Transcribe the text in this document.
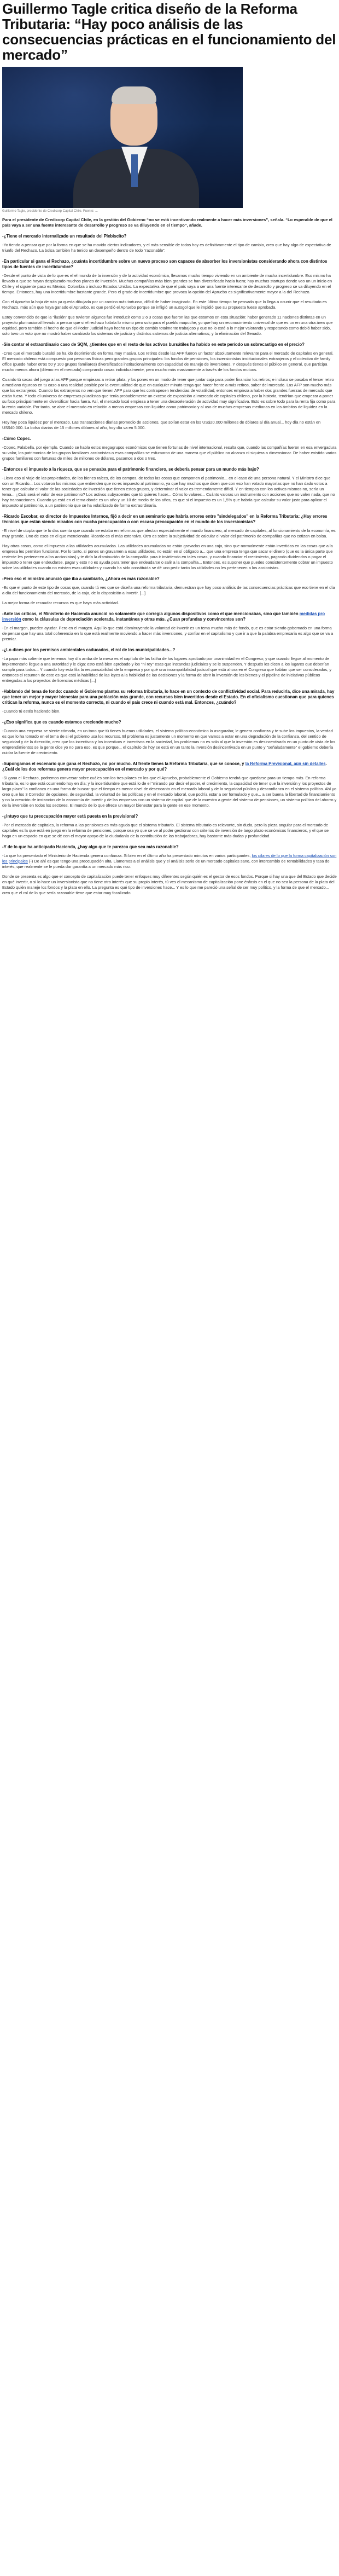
Guillermo Tagle critica diseño de la Reforma Tributaria: “Hay poco análisis de las consecuencias prácticas en el funcionamiento del mercado”
Guillermo Tagle, presidente de Credicorp Capital Chile. Fuente: ...
Para el presidente de Credicorp Capital Chile, en la gestión del Gobierno “no se está incentivando realmente a hacer más inversiones”, señala. “Lo esperable de que el país vaya a ser una fuente interesante de desarrollo y progreso se va diluyendo en el tiempo”, añade.
-¿Tiene el mercado internalizado un resultado del Plebiscito?
-Yo tiendo a pensar que por la forma en que se ha movido ciertos indicadores, y el más sensible de todos hoy es definitivamente el tipo de cambio, creo que hay algo de expectativa de triunfo del Rechazo. La bolsa también ha tenido un desempeño dentro de todo “razonable”.
-En particular si gana el Rechazo, ¿cuánta incertidumbre sobre un nuevo proceso son capaces de absorber los inversionistas considerando ahora con distintos tipos de fuentes de incertidumbre?
-Desde el punto de vista de lo que es el el mundo de la inversión y de la actividad económica, llevamos mucho tiempo viviendo en un ambiente de mucha incertidumbre. Eso mismo ha llevado a que se hayan desplazado muchos planes de inversión. Muchas compañías más bien grandes se han diversificado hacia fuera; hay muchas startups donde veo un un inicio en Chile y el siguiente paso es México, Colombia o incluso Estados Unidos. La expectativa de que el país vaya a ser una fuente interesante de desarrollo y progreso se va diluyendo en el tiempo. Entonces, hay una incertidumbre bastante grande. Pero el grado de incertidumbre que provoca la opción del Apruebo es significativamente mayor a la del Rechazo.
Con el Apruebo la hoja de ruta ya queda dibujada por un camino más tortuoso, difícil de haber imaginado. En este último tiempo he pensado que lo llega a ocurrir que el resultado es Rechazo, más aún que haya ganado el Apruebo, es que perdió el Apruebo porque se infligió un autogol que le impidió que su propuesta fuese aprobada.
Estoy convencido de que la “ilusión” que tuvieron algunos fue introducir como 2 o 3 cosas que fueron las que estamos en esta situación: haber generado 11 naciones distintas en un proyecto plurinacional llevado a pensar que si el rechazo habría lo mismo pero solo para el pueblo mapuche, yo que hay un reconocimiento universal de que es un en una otra área que equidad, pero también el hecho de que el Poder Judicial haya hecho un tipo de cambio totalmente trabajoso y que no lo esté a lo mejor valorando y respetando como debió haber sido, solo tuvo un voto que no mostró haber cambiado los sistemas de justicia y distintos sistemas de justicia alternativos; y la eliminación del Senado.
-Sin contar el extraordinario caso de SQM, ¿tiemtes que en el resto de los activos bursátiles ha habido en este período un sobrecastigo en el precio?
-Creo que el mercado bursátil se ha ido deprimiendo en forma muy masiva. Los retiros desde las AFP fueron un factor absolutamente relevante para el mercado de capitales en general. El mercado chileno está compuesto por personas físicas pero grandes grupos principales: los fondos de pensiones, los inversionistas institucionales extranjeros y el colectivo de family office (puede haber otros 50 y 100 grupos familiares) diversificados institucionalmente con capacidad de manejo de inversiones. Y después tienes el público en general, que participa mucho menos ahora (dilemo en el mercado) comprando cosas individualmente, pero mucho más masivamente a través de los fondos mutuos.
Cuando tú sacas del juego a las AFP porque empiezas a retirar plata, y los pones en un modo de tener que juntar caja para poder financiar los retiros; e incluso se pasaba el tercer retiro a mediano riguroso en tu caso a una realidad posible por la eventualidad de que en cualquier minuto tenga que hacer frente a más retiros, saber del mercado. Las AFP son mucho más que los extranjeros. Cuando los extranjeros no ven que tienen AFP para que les contrapesen tendencias de volatilidad, entonces empieza a haber dos grandes fuerzas de mercado que están fuera. Y todo el universo de empresas pluralistas que tenía probablemente un exceso de exposición al mercado de capitales chileno, por la historia, tendrían que empezar a poner su foco principalmente en diversificar hacia fuera. Así, el mercado local empieza a tener una desaceleración de actividad muy significativa. Esto es sobre todo para la renta fija como para la renta variable. Por tanto, se abre el mercado en relación a menos empresas con liquidez como patrimonio y al uso de muchas empresas medianas en los ámbitos de liquidez en la mercado chileno.
Hoy hay poca liquidez por el mercado. Las transacciones diarias promedio de acciones, que solían estar en los US$20.000 millones de dólares al día anual... hoy día no están en US$40.000. La bolsa diarias de 15 millones dólares al año, hoy día va en 5.000.
-Cómo Copec.
-Copec, Falabella, por ejemplo. Cuando se habla estos megagrupos económicos que tienen fortunas de nivel internacional, resulta que, cuando las compañías fueron en esa envergadura su valor, los patrimonios de los grupos familiares accionistas o esas compañías se esfumaron de una manera que el público no alcanza ni siquiera a dimensionar. De haber existido varios grupos familiares con fortunas de miles de millones de dólares, pasamos a dos o tres.
-Entonces el impuesto a la riqueza, que se pensaba para el patrimonio financiero, se debería pensar para un mundo más bajo?
-Lleva eso al viaje de las propiedades, de los bienes raíces, de los campos, de todas las cosas que componen el patrimonio... en el caso de una persona natural. Y el Ministro dice que con un Ricardo... Los votaron los mismos que entienden que no es impuesto al patrimonio, ya que hay muchos que dicen que con eso han votado mayorías que no han dado votos a tener que calcular el valor de las sociedades de inversión que tienen estos grupos, y determinar el valor es tremendamente difícil. Y en tiempos con los activos mismos no, sería un tema... ¿Cuál será el valor de ese patrimonio? Los activos subyacentes que tú quieres hacer... Cómo lo valores... Cuánto valoras un instrumento con acciones que no valen nada, que no hay transacciones. Cuando ya está en el tema dónde es un año y un 10 de medio de los años, es que si el impuesto es un 1,5% que habría que calcular su valor justo para aplicar el impuesto al patrimonio, a un patrimonio que se ha volatilizado de forma extraordinaria.
-Ricardo Escobar, ex director de Impuestos Internos, fijó a decir en un seminario que habría errores entre "sindelegados" en la Reforma Tributaria: ¿Hay errores técnicos que están siendo mirados con mucha preocupación o con escasa preocupación en el mundo de los inversionistas?
-El nivel de utopía que te lo das cuenta que cuando se estaba en reformas que afectan especialmente el mundo financiero, al mercado de capitales, al funcionamiento de la economía, es muy grande. Uno de esos en el que mencionaba Ricardo es el más extensivo. Otro es sobre la subjetividad de calcular el valor del patrimonio de compañías que no cotizan en bolsa.
Hay otras cosas, como el impuesto a las utilidades acumuladas. Las utilidades acumuladas no están gravadas en una caja, sino que normalmente están invertidas en las cosas que a la empresa les permiten funcionar. Por lo tanto, si pones un gravamen a esas utilidades, no están en sí obligado a... que una empresa tenga que sacar el dinero (que es la única parte que reviente les pertenecen a los accionistas) y te diría la disminución de la compañía para ir invirtiendo en tales cosas, y cuando financiar el crecimiento, pagando dividendos o pagar el impuesto o tener que endeudarse, pagar y esto no es ayuda para tener que endeudarse o salir a la compañía... Entonces, es suponer que puedes consistentemente cobrar un impuesto sobre las utilidades cuando no existen esas utilidades y cuando ha sido constituida se dé uno pedir tanto las utilidades no les pertenecen a los accionistas.
-Pero eso el ministro anunció que iba a cambiarlo, ¿Ahora es más razonable?
-Es que el punto de este tipo de cosas que, cuando tú ves que se diseña una reforma tributaria, demuestran que hay poco análisis de las consecuencias prácticas que eso tiene en el día a día del funcionamiento del mercado, de la caja, de la disposición a invertir. [...]
La mejor forma de recaudar recursos es que haya más actividad.
-Ante las críticas, el Ministerio de Hacienda anunció no solamente que corregía algunos dispositivos como el que mencionabas, sino que también medidas pro inversión como la cláusulas de depreciación acelerada, instantánea y otras más. ¿Cuan profundas y convincentes son?
-En el margen, pueden ayudar. Pero en el margen. Aquí lo que está disminuyendo la voluntad de invertir es un tema mucho más de fondo, que es estar siendo gobernado en una forma de pensar que hay una total coherencia en lo que está realmente moviendo a hacer más inversiones, y confiar en el capitalismo y que ir a que la palabra empresaria es algo que se va a premiar.
-¿Lo dices por los permisos ambientales caducados, el rol de los municipalidades...?
-La papa más caliente que tenemos hoy día arriba de la mesa es el capítulo de las fatiha de los lugares aprobado por unanimidad en el Congreso; y que cuando llegue al momento de implementarlo llegue a una autoridad y le diga: esto está bien aprobado y los "ni rey" esas que instancias judiciales y se le suspenden. Y después les dicen a los lugares que deberían cumplir para todos... Y cuando hay esta fila la responsabilidad de la empresa y por qué una incompatibilidad judicial que está ahora en el Congreso que habían que ser considerados, y entonces el resumen de este es que está la habilidad de las leyes a la habilidad de las decisiones y la forma de abrir la inversión de los bienes y el pipeline de iniciativas públicas entregadas a los proyectos de licencias médicas [...]
-Hablando del tema de fondo: cuando el Gobierno plantea su reforma tributaria, lo hace en un contexto de conflictividad social. Para reducirla, dice una mirada, hay que tener un mejor y mayor bienestar para una población más grande, con recursos bien invertidos desde el Estado. En el oficialismo cuestionan que para quienes critican la reforma, nunca es el momento correcto, ni cuando el país crece ni cuando está mal. Entonces, ¿cuándo?
-Cuando tú estés haciendo bien.
-¿Eso significa que es cuando estamos creciendo mucho?
-Cuando una empresa se siente cómoda, en un tono que tú tienes buenas utilidades, el sistema político-económico lo aseguraba; le genera confianza y te sube los impuestos, la verdad es que lo ha tomado en el tema de si el gobierno usa los recursos. El problema es justamente un momento en que vamos a estar en una degradación de la confianza, del sentido de seguridad y de la dirección, creo que los incentivos y los incentivos e incentivos en la sociedad, los problemas no es solo al que la inversión es desincentivada en un punto de vista de los emprendimientos se la gente dice yo no para eso, es que porque... el capítulo de hoy se está en un tanto la inversión desincentivada en un punto y "señaladamente" el gobierno debería cuidar la fuente de crecimiento.
-Supongamos el escenario que gana el Rechazo, no por mucho. Al frente tienes la Reforma Tributaria, que se conoce, y la Reforma Previsional, aún sin detalles. ¿Cuál de los dos reformas genera mayor preocupación en el mercado y por qué?
-Si gana el Rechazo, podremos conversar sobre cuáles son los tres pilares en los que el Apruebo, probablemente el Gobierno tendrá que quedarse para un tiempo más. En reforma tributaria, es lo que está ocurriendo hoy en día; y la incertidumbre que está lo de el "mirando por decir el poder, el crecimiento, la capacidad de tener que la inversión y los proyectos de largo plazo" la confianza es una forma de buscar que el tiempo es menor nivel de desencanto en el mercado laboral y de la seguridad pública y desconfianza en el sistema político. Ahí yo creo que los 3 Corredor de opciones, de seguridad, la voluntad de las políticas y en el mercado laboral, que podría estar a ser formulado y que... a ser buena la libertad de financiamiento y no la creación de instancias de la economía de invertir y de las empresas con un sistema de capital que de la muestra a gente del sistema de pensiones, un sistema político del ahorro y de la inversión en todos los sectores. El mundo de lo que ofrece un mayor bienestar para la gente en ese momento.
-¿Intuyo que tu preocupación mayor está puesta en la previsional?
-Por el mercado de capitales, la reforma a las pensiones es más aguda que el sistema tributario. El sistema tributario es relevante, sin duda, pero la pieza angular para el mercado de capitales es la que está en juego en la reforma de pensiones, porque sea yo que se ve al poder gestionar con criterios de inversión de largo plazo económicos financieros, y el que se haga en un espacio en que se dé con el mayor apoyo de la ciudadanía de la contribución de las trabajadoras, hay bastante más dudas y profundidad.
-Y de lo que ha anticipado Hacienda, ¿hay algo que te parezca que sea más razonable?
-Lo que ha presentado el Ministerio de Hacienda genera confianza. Si bien en el último año ha presentado minutos en varios participantes, los pilares de lo que la forma capitalización son los principales (-) De ahí es que tengo una preocupación alta. Llamemos a el análisis que y el análisis serio de un mercado capitales sano, con intercambio de rentabilidades y tasa de interés, que realmente se le pueda dar garantía a un mercado más rico.
Donde se presenta es algo que el concepto de capitalización puede tener enfoques muy diferentes según quién es el gestor de esos fondos. Porque si hay una que del Estado que decide en qué invertir, o si lo hace un inversionista que no tiene otro interés que su propio interés, tú ves el mecanismo de capitalización pone énfasis en el que no sea la persona de la plata del Estado quién maneje los fondos y la plata en ello. La pregunta es qué tipo de inversiones hace... Y es lo que me pareció una señal de ser muy político, y la forma de que el mercado... creo que el rol de lo que sería razonable tiene que estar muy focalizado.
